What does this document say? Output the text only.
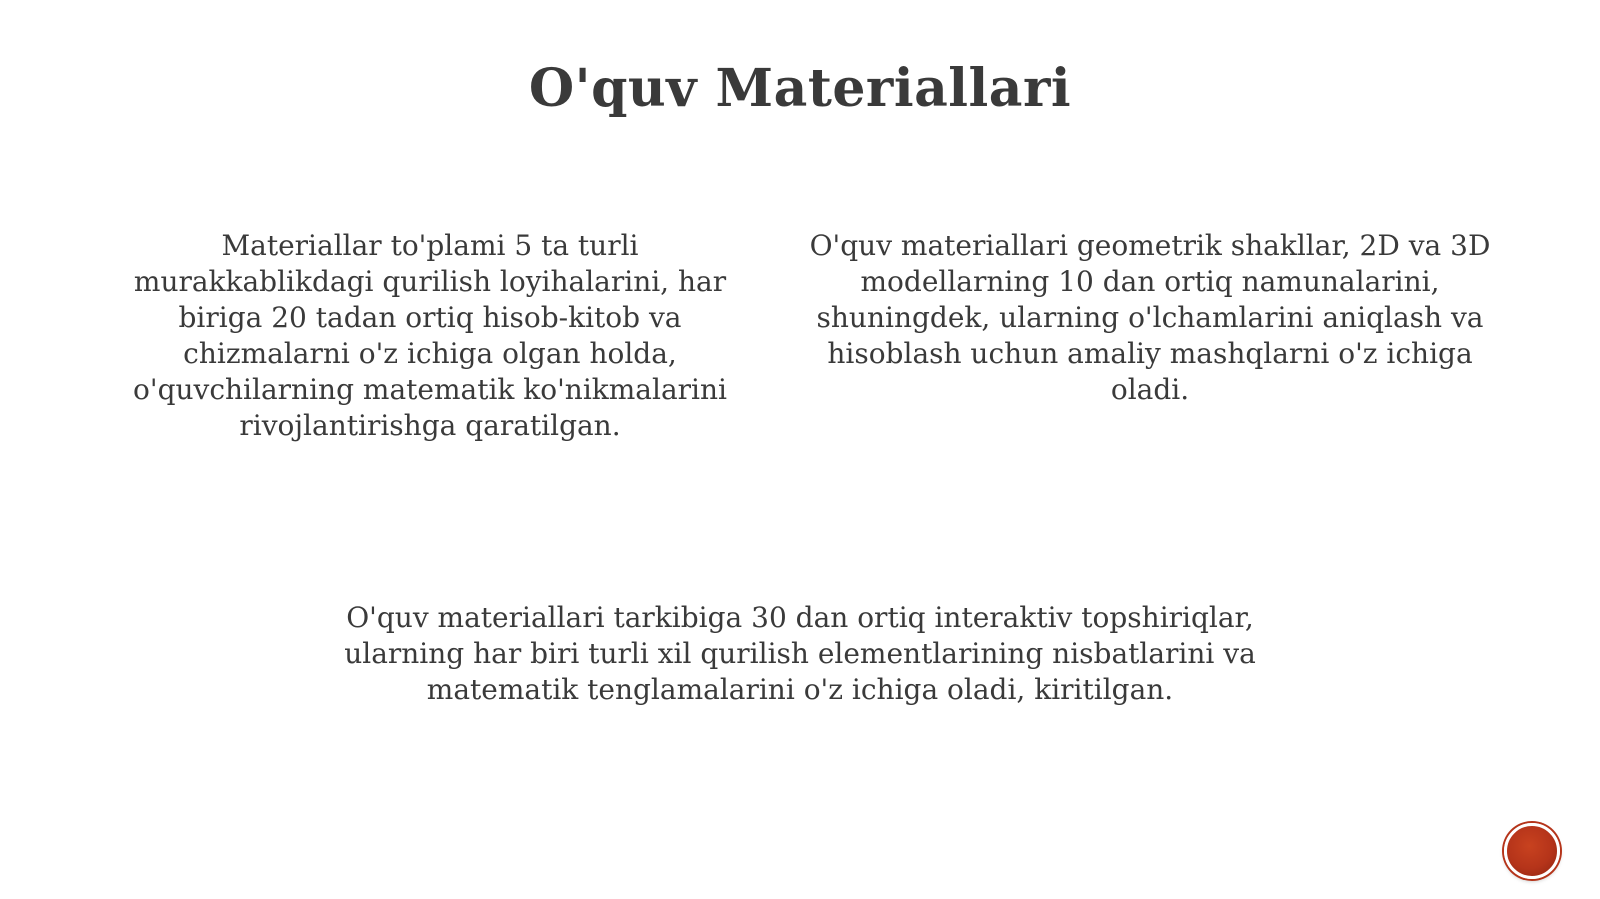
O'quv Materiallari

Materiallar to'plami 5 ta turli
murakkablikdagi qurilish loyihalarini, har
biriga 20 tadan ortiq hisob-kitob va
chizmalarni o'z ichiga olgan holda,
o'quvchilarning matematik ko'nikmalarini
rivojlantirishga qaratilgan.

O'quv materiallari geometrik shakllar, 2D va 3D
modellarning 10 dan ortiq namunalarini,
shuningdek, ularning o'lchamlarini aniqlash va
hisoblash uchun amaliy mashqlarni o'z ichiga
oladi.

O'quv materiallari tarkibiga 30 dan ortiq interaktiv topshiriqlar,
ularning har biri turli xil qurilish elementlarining nisbatlarini va
matematik tenglamalarini o'z ichiga oladi, kiritilgan.
